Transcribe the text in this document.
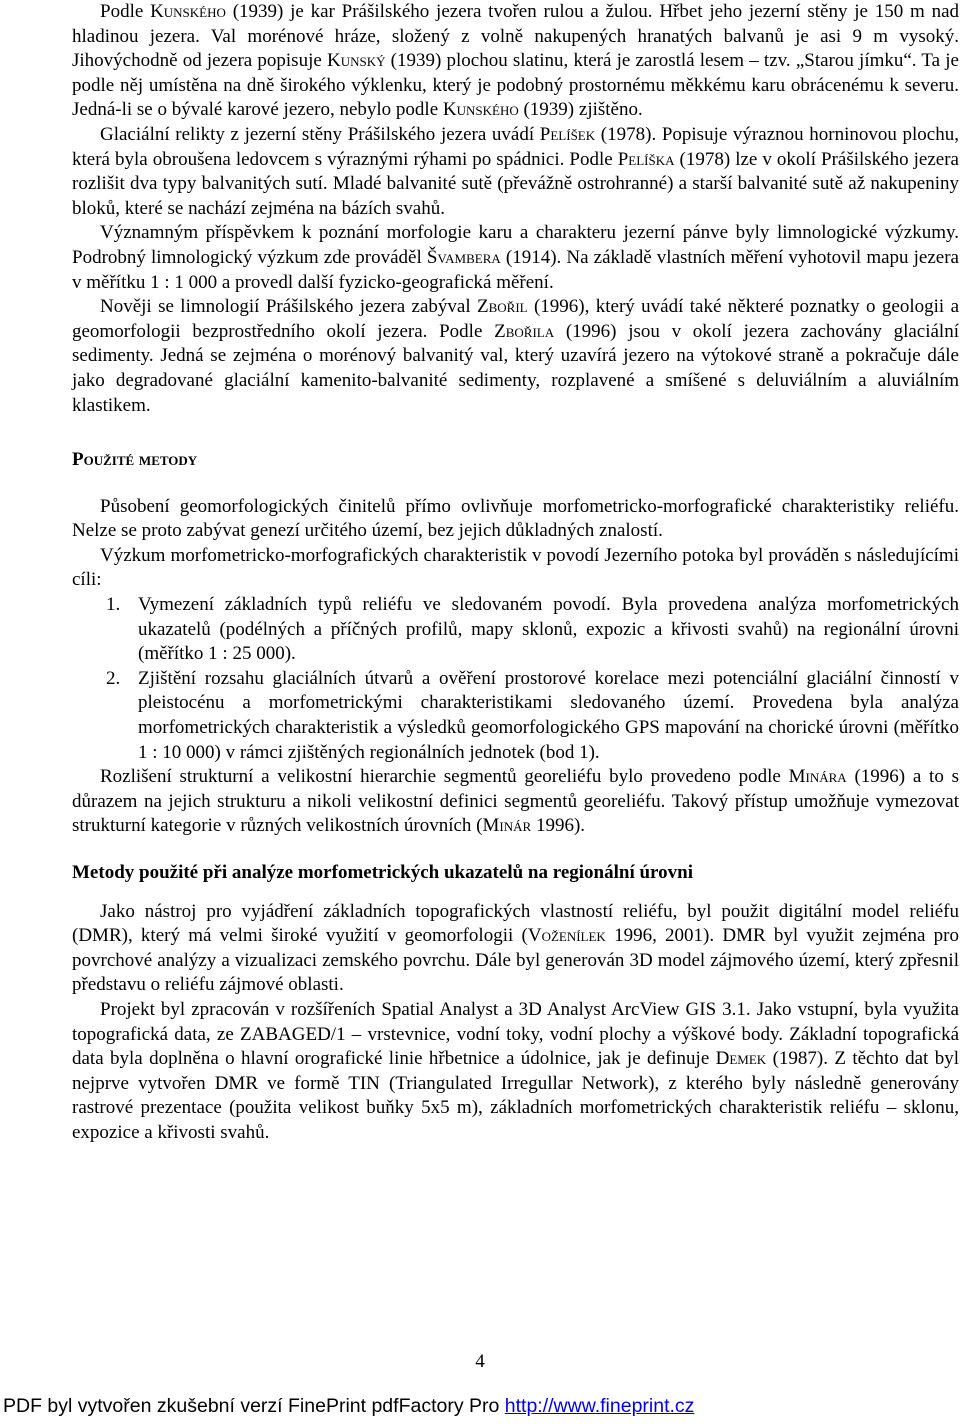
Podle Kunského (1939) je kar Prášilského jezera tvořen rulou a žulou. Hřbet jeho jezerní stěny je 150 m nad hladinou jezera. Val morénové hráze, složený z volně nakupených hranatých balvanů je asi 9 m vysoký. Jihovýchodně od jezera popisuje Kunský (1939) plochou slatinu, která je zarostlá lesem – tzv. „Starou jímku“. Ta je podle něj umístěna na dně širokého výklenku, který je podobný prostornému měkkému karu obrácenému k severu. Jedná-li se o bývalé karové jezero, nebylo podle Kunského (1939) zjištěno.

Glaciální relikty z jezerní stěny Prášilského jezera uvádí Pelíšek (1978). Popisuje výraznou horninovou plochu, která byla obroušena ledovcem s výraznými rýhami po spádnici. Podle Pelíška (1978) lze v okolí Prášilského jezera rozlišit dva typy balvanitých sutí. Mladé balvanité sutě (převážně ostrohranné) a starší balvanité sutě až nakupeniny bloků, které se nachází zejména na bázích svahů.

Významným příspěvkem k poznání morfologie karu a charakteru jezerní pánve byly limnologické výzkumy. Podrobný limnologický výzkum zde prováděl Švambera (1914). Na základě vlastních měření vyhotovil mapu jezera v měřítku 1 : 1 000 a provedl další fyzicko-geografická měření.

Nověji se limnologií Prášilského jezera zabýval Zbořil (1996), který uvádí také některé poznatky o geologii a geomorfologii bezprostředního okolí jezera. Podle Zbořila (1996) jsou v okolí jezera zachovány glaciální sedimenty. Jedná se zejména o morénový balvanitý val, který uzavírá jezero na výtokové straně a pokračuje dále jako degradované glaciální kamenito-balvanité sedimenty, rozplavené a smíšené s deluviálním a aluviálním klastikem.

Použité metody

Působení geomorfologických činitelů přímo ovlivňuje morfometricko-morfografické charakteristiky reliéfu. Nelze se proto zabývat genezí určitého území, bez jejich důkladných znalostí.

Výzkum morfometricko-morfografických charakteristik v povodí Jezerního potoka byl prováděn s následujícími cíli:

1. Vymezení základních typů reliéfu ve sledovaném povodí. Byla provedena analýza morfometrických ukazatelů (podélných a příčných profilů, mapy sklonů, expozic a křivosti svahů) na regionální úrovni (měřítko 1 : 25 000).
2. Zjištění rozsahu glaciálních útvarů a ověření prostorové korelace mezi potenciální glaciální činností v pleistocénu a morfometrickými charakteristikami sledovaného území. Provedena byla analýza morfometrických charakteristik a výsledků geomorfologického GPS mapování na chorické úrovni (měřítko 1 : 10 000) v rámci zjištěných regionálních jednotek (bod 1).

Rozlišení strukturní a velikostní hierarchie segmentů georeliéfu bylo provedeno podle Minára (1996) a to s důrazem na jejich strukturu a nikoli velikostní definici segmentů georeliéfu. Takový přístup umožňuje vymezovat strukturní kategorie v různých velikostních úrovních (Minár 1996).

Metody použité při analýze morfometrických ukazatelů na regionální úrovni

Jako nástroj pro vyjádření základních topografických vlastností reliéfu, byl použit digitální model reliéfu (DMR), který má velmi široké využití v geomorfologii (Voženílek 1996, 2001). DMR byl využit zejména pro povrchové analýzy a vizualizaci zemského povrchu. Dále byl generován 3D model zájmového území, který zpřesnil představu o reliéfu zájmové oblasti.

Projekt byl zpracován v rozšířeních Spatial Analyst a 3D Analyst ArcView GIS 3.1. Jako vstupní, byla využita topografická data, ze ZABAGED/1 – vrstevnice, vodní toky, vodní plochy a výškové body. Základní topografická data byla doplněna o hlavní orografické linie hřbetnice a údolnice, jak je definuje Demek (1987). Z těchto dat byl nejprve vytvořen DMR ve formě TIN (Triangulated Irregullar Network), z kterého byly následně generovány rastrové prezentace (použita velikost buňky 5x5 m), základních morfometrických charakteristik reliéfu – sklonu, expozice a křivosti svahů.

4
PDF byl vytvořen zkušební verzí FinePrint pdfFactory Pro http://www.fineprint.cz
